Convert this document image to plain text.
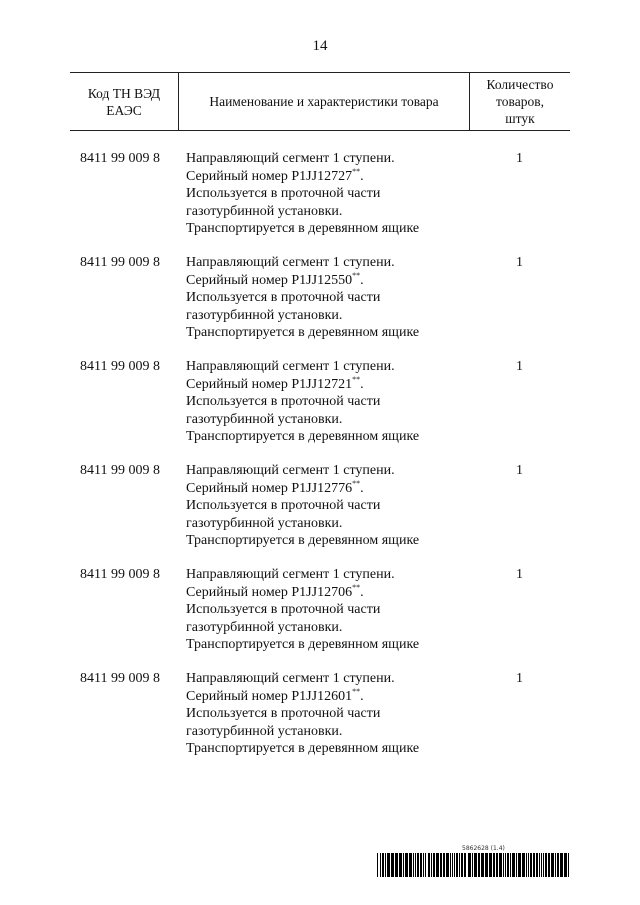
14
Код ТН ВЭД
ЕАЭС
Наименование и характеристики товара
Количество
товаров,
штук
8411 99 009 8 Направляющий сегмент 1 ступени.
Серийный номер P1JJ12727**.
Используется в проточной части
газотурбинной установки.
Транспортируется в деревянном ящике
1
8411 99 009 8 Направляющий сегмент 1 ступени.
Серийный номер P1JJ12550**.
Используется в проточной части
газотурбинной установки.
Транспортируется в деревянном ящике
1
8411 99 009 8 Направляющий сегмент 1 ступени.
Серийный номер P1JJ12721**.
Используется в проточной части
газотурбинной установки.
Транспортируется в деревянном ящике
1
8411 99 009 8 Направляющий сегмент 1 ступени.
Серийный номер P1JJ12776**.
Используется в проточной части
газотурбинной установки.
Транспортируется в деревянном ящике
1
8411 99 009 8 Направляющий сегмент 1 ступени.
Серийный номер P1JJ12706**.
Используется в проточной части
газотурбинной установки.
Транспортируется в деревянном ящике
1
8411 99 009 8 Направляющий сегмент 1 ступени.
Серийный номер P1JJ12601**.
Используется в проточной части
газотурбинной установки.
Транспортируется в деревянном ящике
1
5862628 (1.4)
